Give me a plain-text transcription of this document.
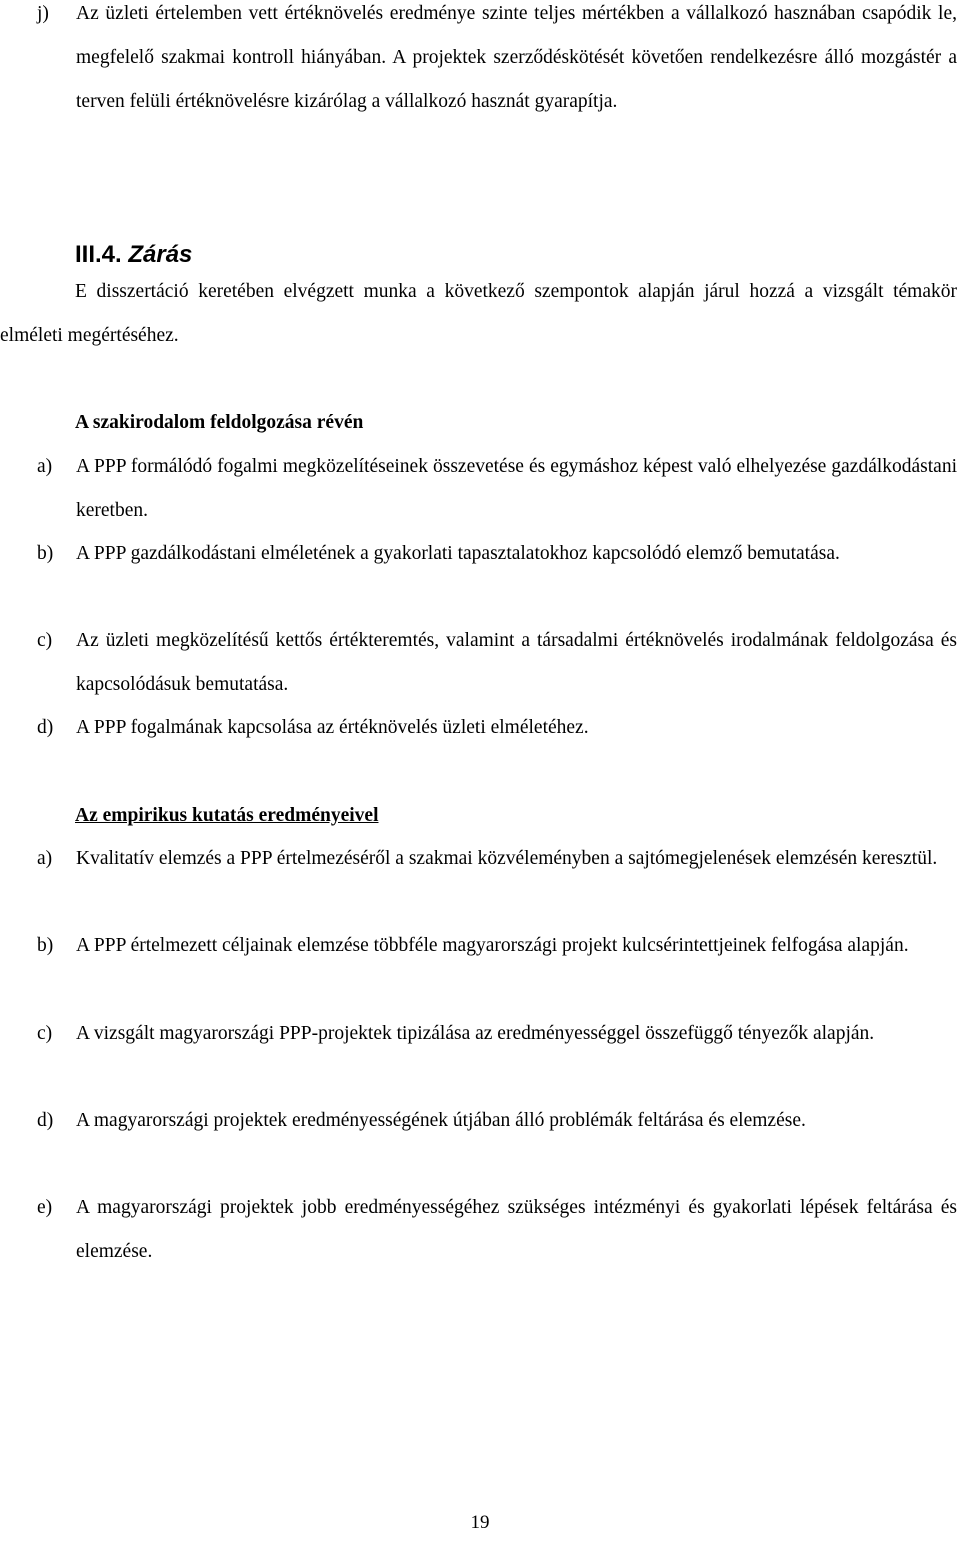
j) Az üzleti értelemben vett értéknövelés eredménye szinte teljes mértékben a vállalkozó hasznában csapódik le, megfelelő szakmai kontroll hiányában. A projektek szerződéskötését követően rendelkezésre álló mozgástér a terven felüli értéknövelésre kizárólag a vállalkozó hasznát gyarapítja.
III.4. Zárás
E disszertáció keretében elvégzett munka a következő szempontok alapján járul hozzá a vizsgált témakör elméleti megértéséhez.
A szakirodalom feldolgozása révén
a) A PPP formálódó fogalmi megközelítéseinek összevetése és egymáshoz képest való elhelyezése gazdálkodástani keretben.
b) A PPP gazdálkodástani elméletének a gyakorlati tapasztalatokhoz kapcsolódó elemző bemutatása.
c) Az üzleti megközelítésű kettős értékteremtés, valamint a társadalmi értéknövelés irodalmának feldolgozása és kapcsolódásuk bemutatása.
d) A PPP fogalmának kapcsolása az értéknövelés üzleti elméletéhez.
Az empirikus kutatás eredményeivel
a) Kvalitatív elemzés a PPP értelmezéséről a szakmai közvéleményben a sajtómegjelenések elemzésén keresztül.
b) A PPP értelmezett céljainak elemzése többféle magyarországi projekt kulcsérintettjeinek felfogása alapján.
c) A vizsgált magyarországi PPP-projektek tipizálása az eredményességgel összefüggő tényezők alapján.
d) A magyarországi projektek eredményességének útjában álló problémák feltárása és elemzése.
e) A magyarországi projektek jobb eredményességéhez szükséges intézményi és gyakorlati lépések feltárása és elemzése.
19
